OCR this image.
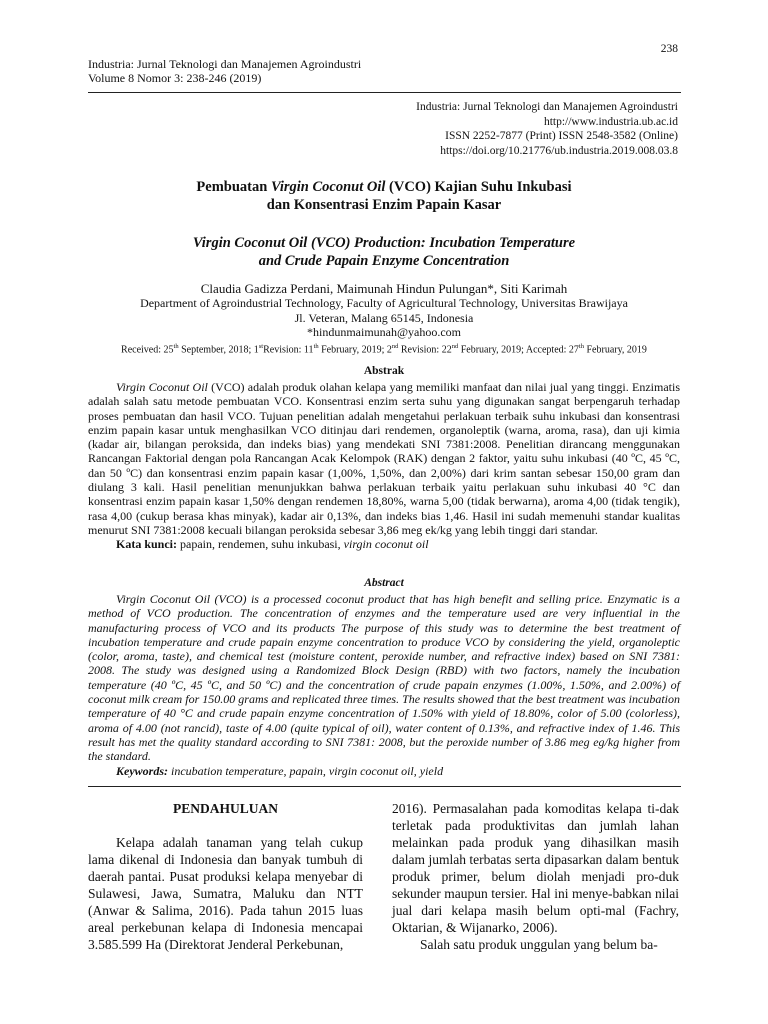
238
Industria: Jurnal Teknologi dan Manajemen Agroindustri
Volume 8 Nomor 3: 238-246 (2019)
Industria: Jurnal Teknologi dan Manajemen Agroindustri
http://www.industria.ub.ac.id
ISSN 2252-7877 (Print) ISSN 2548-3582 (Online)
https://doi.org/10.21776/ub.industria.2019.008.03.8
Pembuatan Virgin Coconut Oil (VCO) Kajian Suhu Inkubasi
dan Konsentrasi Enzim Papain Kasar
Virgin Coconut Oil (VCO) Production: Incubation Temperature
and Crude Papain Enzyme Concentration
Claudia Gadizza Perdani, Maimunah Hindun Pulungan*, Siti Karimah
Department of Agroindustrial Technology, Faculty of Agricultural Technology, Universitas Brawijaya
Jl. Veteran, Malang 65145, Indonesia
*hindunmaimunah@yahoo.com
Received: 25th September, 2018; 1stRevision: 11th February, 2019; 2nd Revision: 22nd February, 2019; Accepted: 27th February, 2019
Abstrak

Virgin Coconut Oil (VCO) adalah produk olahan kelapa yang memiliki manfaat dan nilai jual yang tinggi. Enzimatis adalah salah satu metode pembuatan VCO. Konsentrasi enzim serta suhu yang digunakan sangat berpengaruh terhadap proses pembuatan dan hasil VCO. Tujuan penelitian adalah mengetahui perlakuan terbaik suhu inkubasi dan konsentrasi enzim papain kasar untuk menghasilkan VCO ditinjau dari rendemen, organoleptik (warna, aroma, rasa), dan uji kimia (kadar air, bilangan peroksida, dan indeks bias) yang mendekati SNI 7381:2008. Penelitian dirancang menggunakan Rancangan Faktorial dengan pola Rancangan Acak Kelompok (RAK) dengan 2 faktor, yaitu suhu inkubasi (40 ºC, 45 ºC, dan 50 ºC) dan konsentrasi enzim papain kasar (1,00%, 1,50%, dan 2,00%) dari krim santan sebesar 150,00 gram dan diulang 3 kali. Hasil penelitian menunjukkan bahwa perlakuan terbaik yaitu perlakuan suhu inkubasi 40 °C dan konsentrasi enzim papain kasar 1,50% dengan rendemen 18,80%, warna 5,00 (tidak berwarna), aroma 4,00 (tidak tengik), rasa 4,00 (cukup berasa khas minyak), kadar air 0,13%, dan indeks bias 1,46. Hasil ini sudah memenuhi standar kualitas menurut SNI 7381:2008 kecuali bilangan peroksida sebesar 3,86 meg ek/kg yang lebih tinggi dari standar.

Kata kunci: papain, rendemen, suhu inkubasi, virgin coconut oil

Abstract

Virgin Coconut Oil (VCO) is a processed coconut product that has high benefit and selling price. Enzymatic is a method of VCO production. The concentration of enzymes and the temperature used are very influential in the manufacturing process of VCO and its products The purpose of this study was to determine the best treatment of incubation temperature and crude papain enzyme concentration to produce VCO by considering the yield, organoleptic (color, aroma, taste), and chemical test (moisture content, peroxide number, and refractive index) based on SNI 7381: 2008. The study was designed using a Randomized Block Design (RBD) with two factors, namely the incubation temperature (40 ºC, 45 ºC, and 50 ºC) and the concentration of crude papain enzymes (1.00%, 1.50%, and 2.00%) of coconut milk cream for 150.00 grams and replicated three times. The results showed that the best treatment was incubation temperature of 40 °C and crude papain enzyme concentration of 1.50% with yield of 18.80%, color of 5.00 (colorless), aroma of 4.00 (not rancid), taste of 4.00 (quite typical of oil), water content of 0.13%, and refractive index of 1.46. This result has met the quality standard according to SNI 7381: 2008, but the peroxide number of 3.86 meg eg/kg higher from the standard.

Keywords: incubation temperature, papain, virgin coconut oil, yield

PENDAHULUAN

Kelapa adalah tanaman yang telah cukup lama dikenal di Indonesia dan banyak tumbuh di daerah pantai. Pusat produksi kelapa menyebar di Sulawesi, Jawa, Sumatra, Maluku dan NTT (Anwar & Salima, 2016). Pada tahun 2015 luas areal perkebunan kelapa di Indonesia mencapai 3.585.599 Ha (Direktorat Jenderal Perkebunan,

2016). Permasalahan pada komoditas kelapa ti-dak terletak pada produktivitas dan jumlah lahan melainkan pada produk yang dihasilkan masih dalam jumlah terbatas serta dipasarkan dalam bentuk produk primer, belum diolah menjadi pro-duk sekunder maupun tersier. Hal ini menye-babkan nilai jual dari kelapa masih belum opti-mal (Fachry, Oktarian, & Wijanarko, 2006).

Salah satu produk unggulan yang belum ba-
